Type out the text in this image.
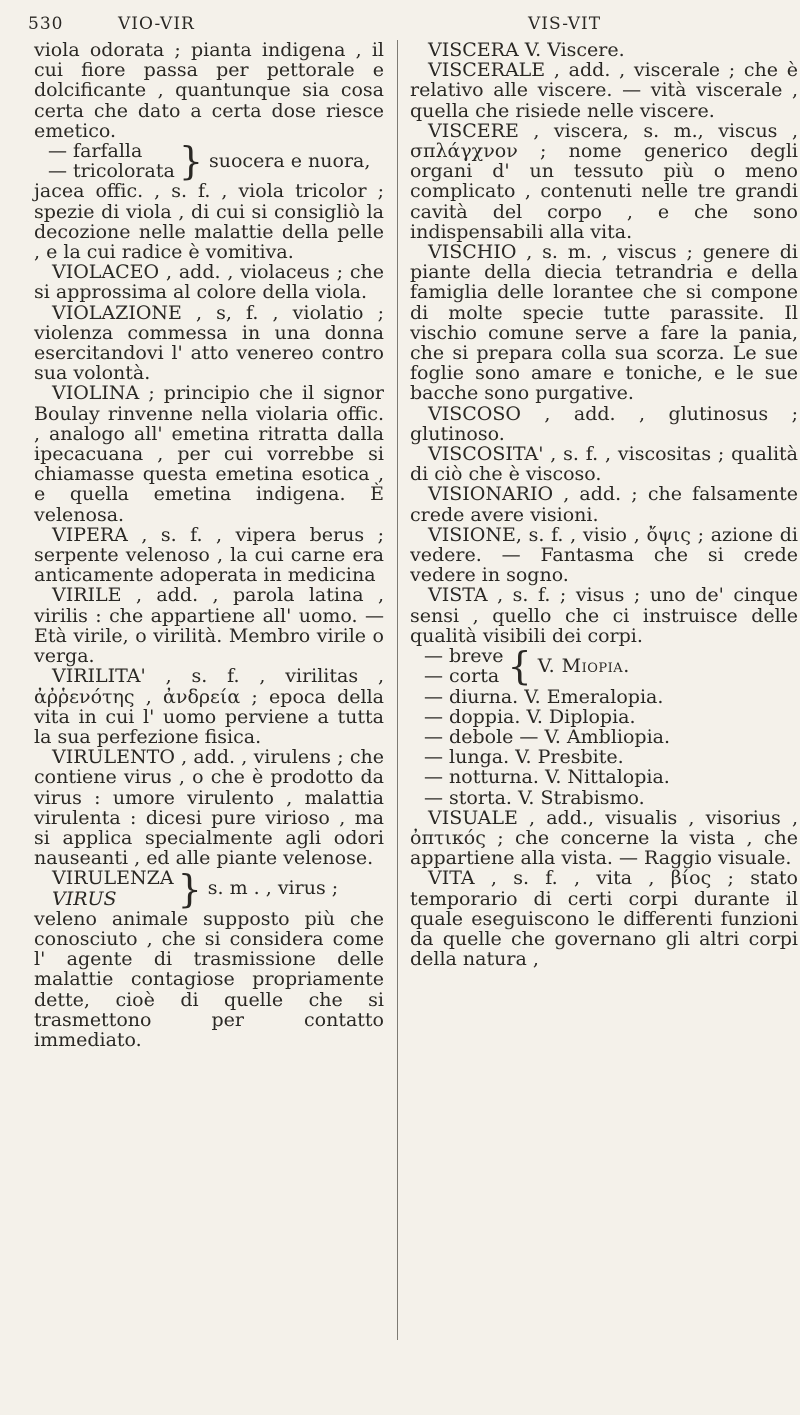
530	VIO-VIR	VIS-VIT

viola odorata ; pianta indigena , il cui fiore passa per pettorale e dolcificante , quantunque sia cosa certa che dato a certa dose riesce emetico.

— farfalla
— tricolorata } suocera e nuora,

jacea offic. , s. f. , viola tricolor ; spezie di viola , di cui si consigliò la decozione nelle malattie della pelle , e la cui radice è vomitiva.

VIOLACEO , add. , violaceus ; che si approssima al colore della viola.

VIOLAZIONE , s, f. , violatio ; violenza commessa in una donna esercitandovi l' atto venereo contro sua volontà.

VIOLINA ; principio che il signor Boulay rinvenne nella violaria offic. , analogo all' emetina ritratta dalla ipecacuana , per cui vorrebbe si chiamasse questa emetina esotica , e quella emetina indigena. È velenosa.

VIPERA , s. f. , vipera berus ; serpente velenoso , la cui carne era anticamente adoperata in medicina

VIRILE , add. , parola latina , virilis : che appartiene all' uomo. — Età virile, o virilità. Membro virile o verga.

VIRILITA' , s. f. , virilitas , ἀῤῥενότης , ἀνδρεία ; epoca della vita in cui l' uomo perviene a tutta la sua perfezione fisica.

VIRULENTO , add. , virulens ; che contiene virus , o che è prodotto da virus : umore virulento , malattia virulenta : dicesi pure virioso , ma si applica specialmente agli odori nauseanti , ed alle piante velenose.

VIRULENZA
VIRUS	} s. m . , virus ;

veleno animale supposto più che conosciuto , che si considera come l' agente di trasmissione delle malattie contagiose propriamente dette, cioè di quelle che si trasmettono per contatto immediato.

VISCERA V. Viscere.

VISCERALE , add. , viscerale ; che è relativo alle viscere. — vità viscerale , quella che risiede nelle viscere.

VISCERE , viscera, s. m., viscus , σπλάγχνον ; nome generico degli organi d' un tessuto più o meno complicato , contenuti nelle tre grandi cavità del corpo , e che sono indispensabili alla vita.

VISCHIO , s. m. , viscus ; genere di piante della diecia tetrandria e della famiglia delle lorantee che si compone di molte specie tutte parassite. Il vischio comune serve a fare la pania, che si prepara colla sua scorza. Le sue foglie sono amare e toniche, e le sue bacche sono purgative.

VISCOSO , add. , glutinosus ; glutinoso.

VISCOSITA' , s. f. , viscositas ; qualità di ciò che è viscoso.

VISIONARIO , add. ; che falsamente crede avere visioni.

VISIONE, s. f. , visio , ὄψις ; azione di vedere. — Fantasma che si crede vedere in sogno.

VISTA , s. f. ; visus ; uno de' cinque sensi , quello che ci instruisce delle qualità visibili dei corpi.

— breve
— corta { V. Miopia.

— diurna. V. Emeralopia.

— doppia. V. Diplopia.

— debole — V. Ambliopia.

— lunga. V. Presbite.

— notturna. V. Nittalopia.

— storta. V. Strabismo.

VISUALE , add., visualis , visorius , ὀπτικός ; che concerne la vista , che appartiene alla vista. — Raggio visuale.

VITA , s. f. , vita , βίος ; stato temporario di certi corpi durante il quale eseguiscono le differenti funzioni da quelle che governano gli altri corpi della natura ,
